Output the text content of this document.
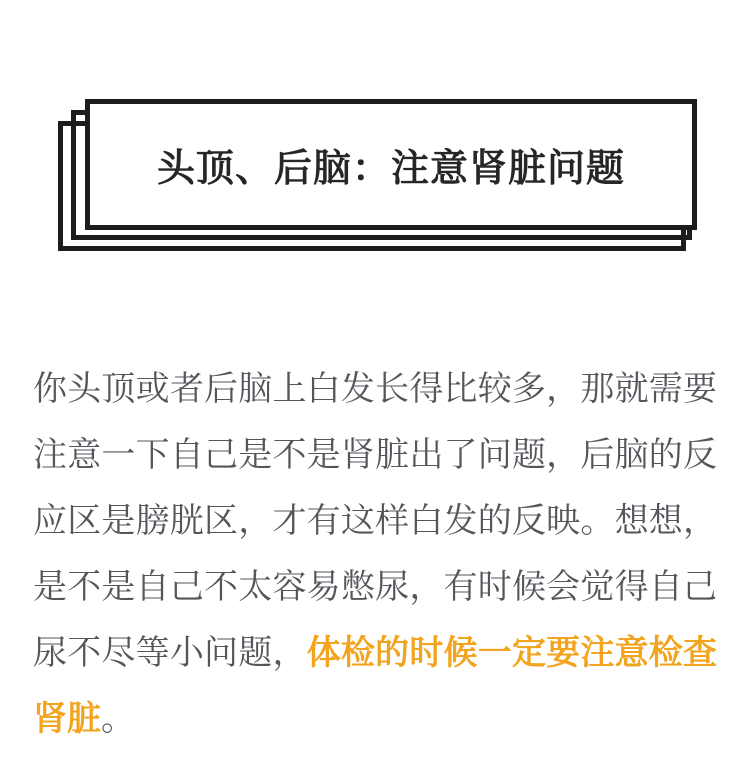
头顶、后脑：注意肾脏问题
你头顶或者后脑上白发长得比较多，那就需要
注意一下自己是不是肾脏出了问题，后脑的反
应区是膀胱区，才有这样白发的反映。想想，
是不是自己不太容易憋尿，有时候会觉得自己
尿不尽等小问题，体检的时候一定要注意检查
肾脏。
